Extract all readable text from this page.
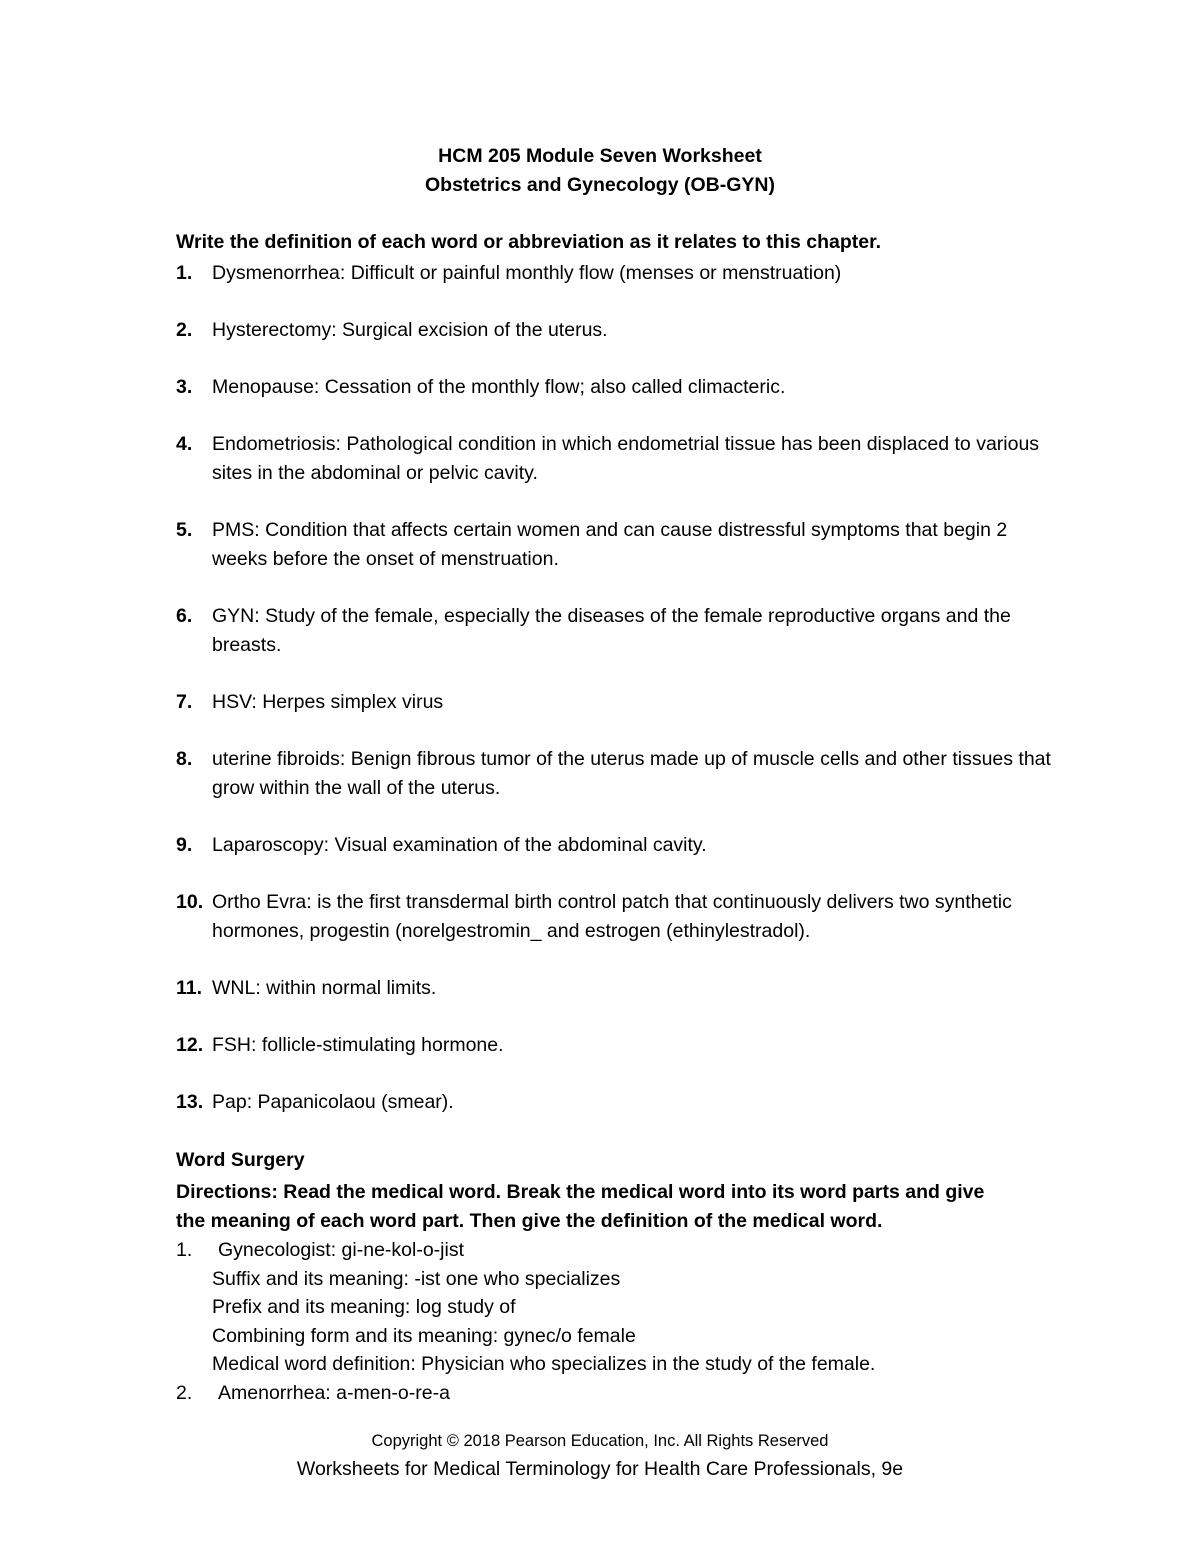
HCM 205 Module Seven Worksheet
Obstetrics and Gynecology (OB-GYN)
Write the definition of each word or abbreviation as it relates to this chapter.
1. Dysmenorrhea: Difficult or painful monthly flow (menses or menstruation)
2. Hysterectomy: Surgical excision of the uterus.
3. Menopause: Cessation of the monthly flow; also called climacteric.
4. Endometriosis: Pathological condition in which endometrial tissue has been displaced to various sites in the abdominal or pelvic cavity.
5. PMS: Condition that affects certain women and can cause distressful symptoms that begin 2 weeks before the onset of menstruation.
6. GYN: Study of the female, especially the diseases of the female reproductive organs and the breasts.
7. HSV: Herpes simplex virus
8. uterine fibroids: Benign fibrous tumor of the uterus made up of muscle cells and other tissues that grow within the wall of the uterus.
9. Laparoscopy: Visual examination of the abdominal cavity.
10. Ortho Evra: is the first transdermal birth control patch that continuously delivers two synthetic hormones, progestin (norelgestromin_ and estrogen (ethinylestradol).
11. WNL: within normal limits.
12. FSH: follicle-stimulating hormone.
13. Pap: Papanicolaou (smear).
Word Surgery
Directions: Read the medical word. Break the medical word into its word parts and give the meaning of each word part. Then give the definition of the medical word.
1. Gynecologist: gi-ne-kol-o-jist
Suffix and its meaning: -ist one who specializes
Prefix and its meaning: log study of
Combining form and its meaning: gynec/o female
Medical word definition: Physician who specializes in the study of the female.
2. Amenorrhea: a-men-o-re-a
Copyright © 2018 Pearson Education, Inc. All Rights Reserved
Worksheets for Medical Terminology for Health Care Professionals, 9e
